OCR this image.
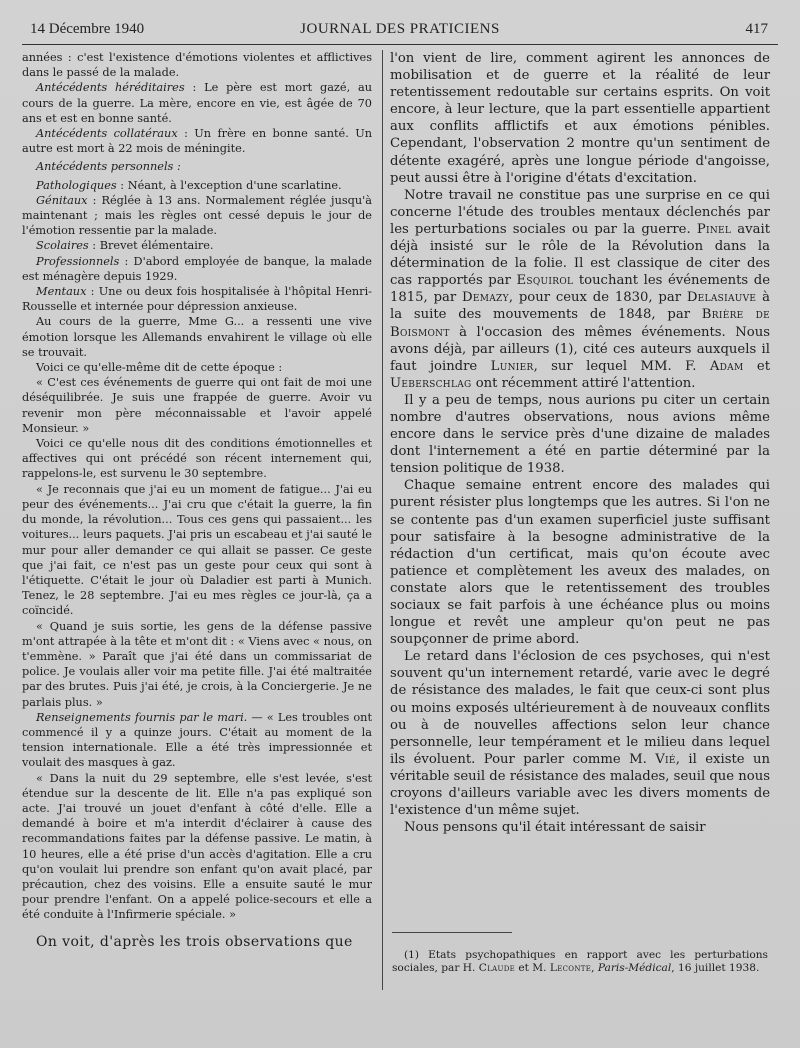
14 Décembre 1940	JOURNAL DES PRATICIENS	417

années : c'est l'existence d'émotions violentes et afflictives dans le passé de la malade.

Antécédents héréditaires : Le père est mort gazé, au cours de la guerre. La mère, encore en vie, est âgée de 70 ans et est en bonne santé.

Antécédents collatéraux : Un frère en bonne santé. Un autre est mort à 22 mois de méningite.

Antécédents personnels :

Pathologiques : Néant, à l'exception d'une scarlatine.

Génitaux : Réglée à 13 ans. Normalement réglée jusqu'à maintenant ; mais les règles ont cessé depuis le jour de l'émotion ressentie par la malade.

Scolaires : Brevet élémentaire.

Professionnels : D'abord employée de banque, la malade est ménagère depuis 1929.

Mentaux : Une ou deux fois hospitalisée à l'hôpital Henri-Rousselle et internée pour dépression anxieuse.

Au cours de la guerre, Mme G... a ressenti une vive émotion lorsque les Allemands envahirent le village où elle se trouvait.

Voici ce qu'elle-même dit de cette époque :

« C'est ces événements de guerre qui ont fait de moi une déséquilibrée. Je suis une frappée de guerre. Avoir vu revenir mon père méconnaissable et l'avoir appelé Monsieur. »

Voici ce qu'elle nous dit des conditions émotionnelles et affectives qui ont précédé son récent internement qui, rappelons-le, est survenu le 30 septembre.

« Je reconnais que j'ai eu un moment de fatigue... J'ai eu peur des événements... J'ai cru que c'était la guerre, la fin du monde, la révolution... Tous ces gens qui passaient... les voitures... leurs paquets. J'ai pris un escabeau et j'ai sauté le mur pour aller demander ce qui allait se passer. Ce geste que j'ai fait, ce n'est pas un geste pour ceux qui sont à l'étiquette. C'était le jour où Daladier est parti à Munich. Tenez, le 28 septembre. J'ai eu mes règles ce jour-là, ça a coïncidé.

« Quand je suis sortie, les gens de la défense passive m'ont attrapée à la tête et m'ont dit : « Viens avec « nous, on t'emmène. » Paraît que j'ai été dans un commissariat de police. Je voulais aller voir ma petite fille. J'ai été maltraitée par des brutes. Puis j'ai été, je crois, à la Conciergerie. Je ne parlais plus. »

Renseignements fournis par le mari. — « Les troubles ont commencé il y a quinze jours. C'était au moment de la tension internationale. Elle a été très impressionnée et voulait des masques à gaz.

« Dans la nuit du 29 septembre, elle s'est levée, s'est étendue sur la descente de lit. Elle n'a pas expliqué son acte. J'ai trouvé un jouet d'enfant à côté d'elle. Elle a demandé à boire et m'a interdit d'éclairer à cause des recommandations faites par la défense passive. Le matin, à 10 heures, elle a été prise d'un accès d'agitation. Elle a cru qu'on voulait lui prendre son enfant qu'on avait placé, par précaution, chez des voisins. Elle a ensuite sauté le mur pour prendre l'enfant. On a appelé police-secours et elle a été conduite à l'Infirmerie spéciale. »

On voit, d'après les trois observations que

l'on vient de lire, comment agirent les annonces de mobilisation et de guerre et la réalité de leur retentissement redoutable sur certains esprits. On voit encore, à leur lecture, que la part essentielle appartient aux conflits afflictifs et aux émotions pénibles. Cependant, l'observation 2 montre qu'un sentiment de détente exagéré, après une longue période d'angoisse, peut aussi être à l'origine d'états d'excitation.

Notre travail ne constitue pas une surprise en ce qui concerne l'étude des troubles mentaux déclenchés par les perturbations sociales ou par la guerre. Pinel avait déjà insisté sur le rôle de la Révolution dans la détermination de la folie. Il est classique de citer des cas rapportés par Esquirol touchant les événements de 1815, par Demazy, pour ceux de 1830, par Delasiauve à la suite des mouvements de 1848, par Brière de Boismont à l'occasion des mêmes événements. Nous avons déjà, par ailleurs (1), cité ces auteurs auxquels il faut joindre Lunier, sur lequel MM. F. Adam et Ueberschlag ont récemment attiré l'attention.

Il y a peu de temps, nous aurions pu citer un certain nombre d'autres observations, nous avions même encore dans le service près d'une dizaine de malades dont l'internement a été en partie déterminé par la tension politique de 1938.

Chaque semaine entrent encore des malades qui purent résister plus longtemps que les autres. Si l'on ne se contente pas d'un examen superficiel juste suffisant pour satisfaire à la besogne administrative de la rédaction d'un certificat, mais qu'on écoute avec patience et complètement les aveux des malades, on constate alors que le retentissement des troubles sociaux se fait parfois à une échéance plus ou moins longue et revêt une ampleur qu'on peut ne pas soupçonner de prime abord.

Le retard dans l'éclosion de ces psychoses, qui n'est souvent qu'un internement retardé, varie avec le degré de résistance des malades, le fait que ceux-ci sont plus ou moins exposés ultérieurement à de nouveaux conflits ou à de nouvelles affections selon leur chance personnelle, leur tempérament et le milieu dans lequel ils évoluent. Pour parler comme M. Vié, il existe un véritable seuil de résistance des malades, seuil que nous croyons d'ailleurs variable avec les divers moments de l'existence d'un même sujet.

Nous pensons qu'il était intéressant de saisir

(1) Etats psychopathiques en rapport avec les perturbations sociales, par H. Claude et M. Leconte, Paris-Médical, 16 juillet 1938.
